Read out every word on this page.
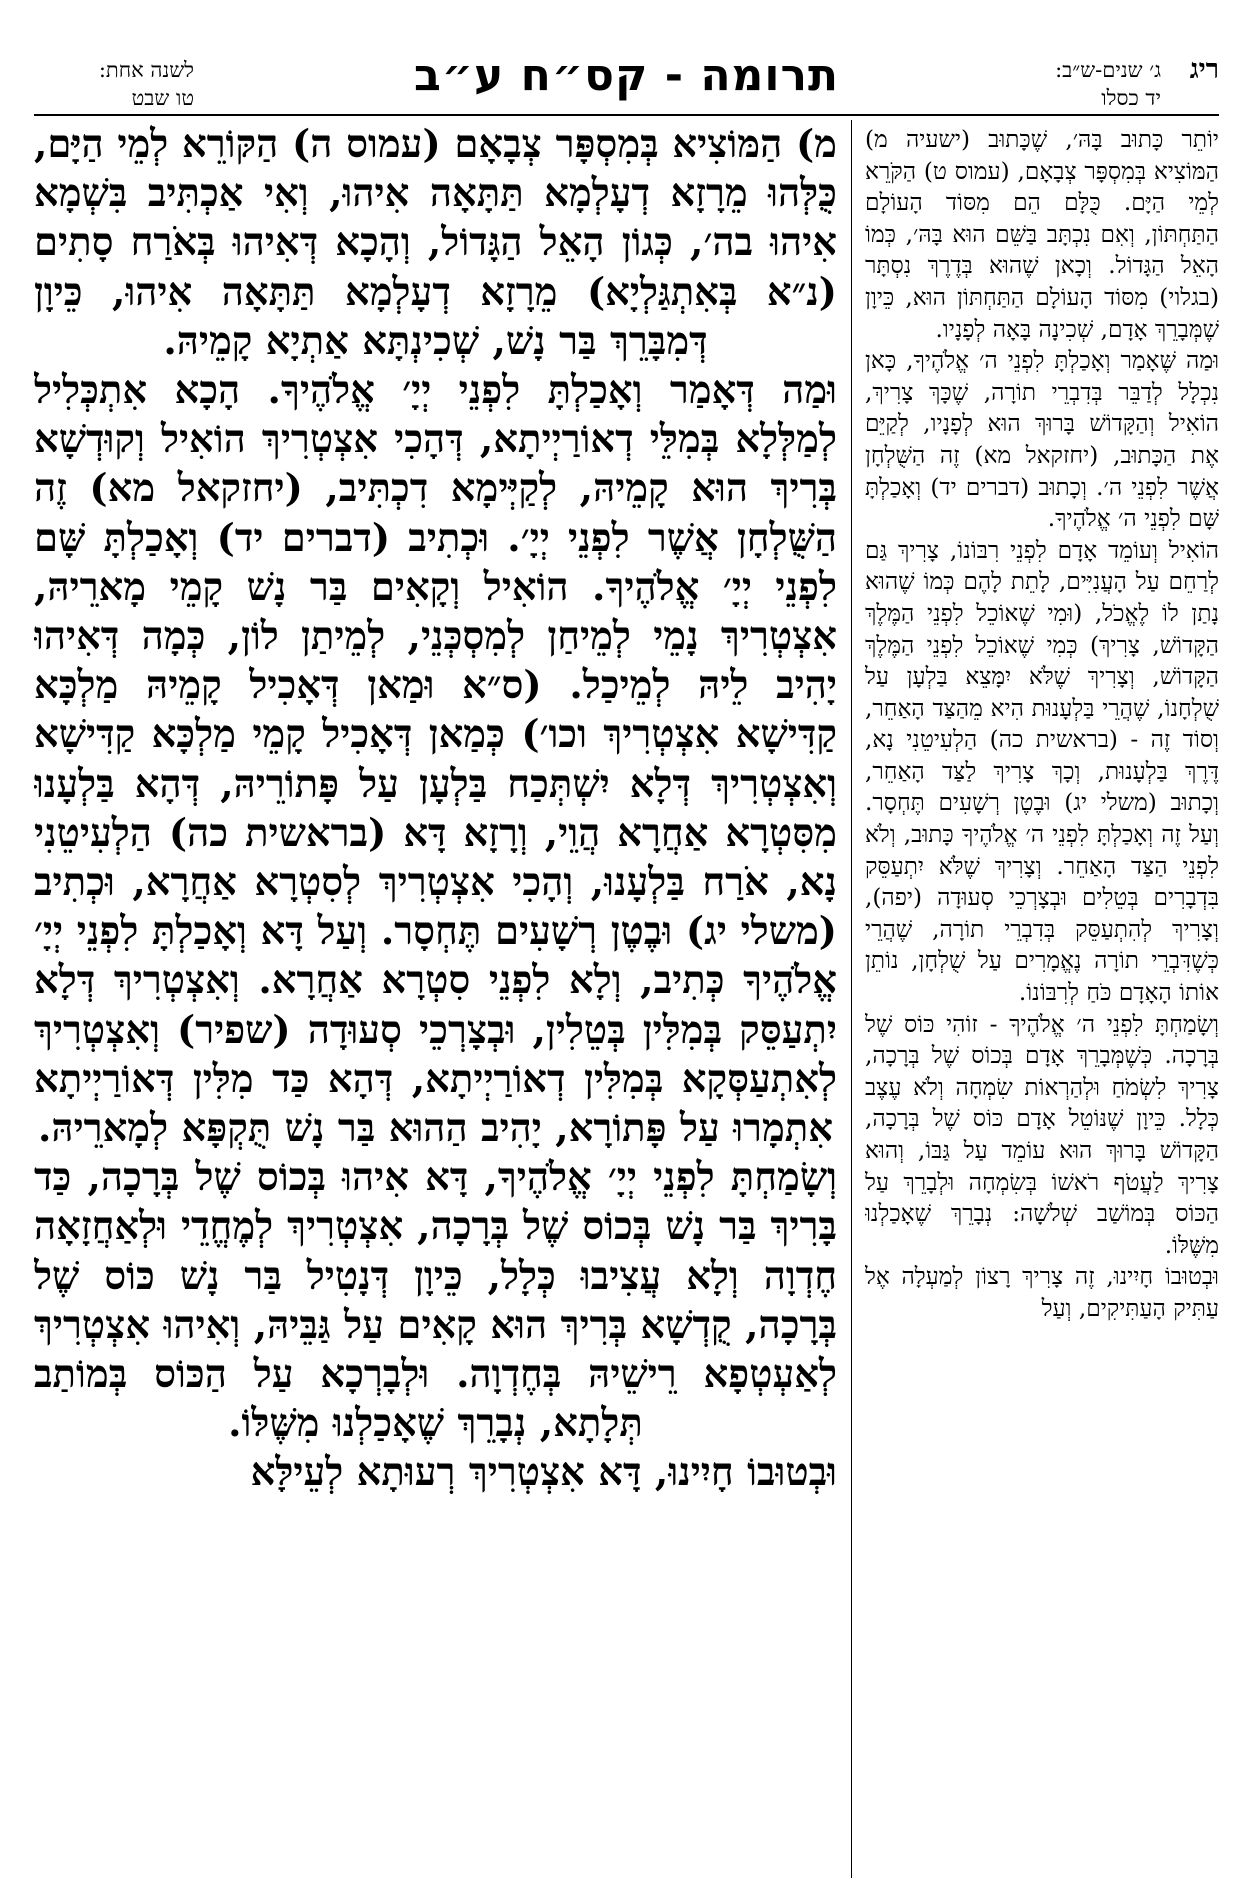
לשנה אחת:
טו שבט	תרומה - קס״ח ע״ב	ג׳ שנים-ש״ב:
יד כסלו
ריג

מ) הַמּוֹצִיא בְּמִסְפָּר צְבָאָם (עמוס ה) הַקּוֹרֵא לְמֵי הַיָּם, כֻּלְּהוּ מֵרָזָא דְעָלְמָא תַּתָּאָה אִיהוּ, וְאִי אַכְתִּיב בִּשְׁמָא אִיהוּ בה׳, כְּגוֹן הָאֵל הַגָּדוֹל, וְהָכָא דְּאִיהוּ בְּאֹרַח סָתִים (נ״א בְּאִתְגַּלְיָא) מֵרָזָא דְעָלְמָא תַּתָּאָה אִיהוּ, כֵּיוָן דְּמִבָּרֵךְ בַּר נָשׁ, שְׁכִינְתָּא אַתְיָא קָמֵיהּ.

וּמַה דְּאָמַר וְאָכַלְתָּ לִפְנֵי יְיָ׳ אֱלֹהֶיךָ. הָכָא אִתְכְּלִיל לְמַלְּלָא בְּמִלֵּי דְאוֹרַיְיתָא, דְּהָכִי אִצְטְרִיךְ הוֹאִיל וְקוּדְשָׁא בְּרִיךְ הוּא קָמֵיהּ, לְקַיְּימָא דִכְתִּיב, (יחזקאל מא) זֶה הַשֻּׁלְחָן אֲשֶׁר לִפְנֵי יְיָ׳. וּכְתִיב (דברים יד) וְאָכַלְתָּ שָּׁם לִפְנֵי יְיָ׳ אֱלֹהֶיךָ. הוֹאִיל וְקָאִים בַּר נָשׁ קָמֵי מָארֵיהּ, אִצְטְרִיךְ נָמֵי לְמֵיחַן לְמִסְכְּנֵי, לְמֵיתַן לוֹן, כְּמָה דְּאִיהוּ יָהִיב לֵיהּ לְמֵיכַל. (ס״א וּמַאן דְּאָכִיל קָמֵיהּ מַלְכָּא קַדִּישָׁא אִצְטְרִיךְ וכו׳) כְּמַאן דְּאָכִיל קָמֵי מַלְכָּא קַדִּישָׁא וְאִצְטְרִיךְ דְּלָא יִשְׁתְּכַח בַּלְעָן עַל פָּתוֹרֵיהּ, דְּהָא בַּלְעָנוּ מִסִּטְרָא אַחֲרָא הֲוֵי, וְרָזָא דָּא (בראשית כה) הַלְעִיטֵנִי נָא, אֹרַח בַּלְעָנוּ, וְהָכִי אִצְטְרִיךְ לְסִטְרָא אַחֲרָא, וּכְתִיב (משלי יג) וּבֶטֶן רְשָׁעִים תֶּחְסָר. וְעַל דָּא וְאָכַלְתָּ לִפְנֵי יְיָ׳ אֱלֹהֶיךָ כְּתִיב, וְלָא לִפְנֵי סִטְרָא אַחֲרָא. וְאִצְטְרִיךְ דְּלָא יִתְעַסֵּק בְּמִלִּין בְּטֵלִין, וּבְצָרְכֵי סְעוּדָה (שפיר) וְאִצְטְרִיךְ לְאִתְעַסְּקָא בְּמִלִּין דְאוֹרַיְיתָא, דְּהָא כַּד מִלִּין דְּאוֹרַיְיתָא אִתְמָרוּ עַל פָּתוֹרָא, יָהִיב הַהוּא בַּר נָשׁ תֻּקְפָּא לְמָארֵיהּ.

וְשָׂמַחְתָּ לִפְנֵי יְיָ׳ אֱלֹהֶיךָ, דָּא אִיהוּ בְּכוֹס שֶׁל בְּרָכָה, כַּד בָּרִיךְ בַּר נָשׁ בְּכוֹס שֶׁל בְּרָכָה, אִצְטְרִיךְ לְמֶחֱדֵי וּלְאַחֲזָאָה חֶדְוָה וְלָא עֲצִיבוּ כְּלָל, כֵּיוָן דְּנָטִיל בַּר נָשׁ כּוֹס שֶׁל בְּרָכָה, קֻדְשָׁא בְּרִיךְ הוּא קָאִים עַל גַּבֵּיהּ, וְאִיהוּ אִצְטְרִיךְ לְאַעְטְפָא רֵישֵׁיהּ בְּחֶדְוָה. וּלְבָרְכָא עַל הַכּוֹס בְּמוֹתַב תְּלָתָא, נְבָרֵךְ שֶׁאָכַלְנוּ מִשֶּׁלּוֹ.

וּבְטוּבוֹ חָיִינוּ, דָּא אִצְטְרִיךְ רְעוּתָא לְעֵילָּא

יוֹתֵר כָּתוּב בָּהּ׳, שֶׁכָּתוּב (ישעיה מ) הַמּוֹצִיא בְּמִסְפָּר צְבָאָם, (עמוס ט) הַקֹּרֵא לְמֵי הַיָּם. כֻּלָּם הֵם מִסּוֹד הָעוֹלָם הַתַּחְתּוֹן, וְאִם נִכְתָּב בַּשֵּׁם הוּא בָּהּ׳, כְּמוֹ הָאֵל הַגָּדוֹל. וְכָאן שֶׁהוּא בְּדֶרֶךְ נִסְתָּר (בגלוי) מִסּוֹד הָעוֹלָם הַתַּחְתּוֹן הוּא, כֵּיוָן שֶׁמְּבָרֵךְ אָדָם, שְׁכִינָה בָּאָה לְפָנָיו.

וּמַה שֶּׁאָמַר וְאָכַלְתָּ לִפְנֵי ה׳ אֱלֹהֶיךָ, כָּאן נִכְלָל לְדַבֵּר בְּדִבְרֵי תוֹרָה, שֶׁכָּךְ צָרִיךְ, הוֹאִיל וְהַקָּדוֹשׁ בָּרוּךְ הוּא לְפָנָיו, לְקַיֵּם אֶת הַכָּתוּב, (יחזקאל מא) זֶה הַשֻּׁלְחָן אֲשֶׁר לִפְנֵי ה׳. וְכָתוּב (דברים יד) וְאָכַלְתָּ שָּׁם לִפְנֵי ה׳ אֱלֹהֶיךָ.

הוֹאִיל וְעוֹמֵד אָדָם לִפְנֵי רִבּוֹנוֹ, צָרִיךְ גַּם לְרַחֵם עַל הָעֲנִיִּים, לָתֵת לָהֶם כְּמוֹ שֶׁהוּא נָתַן לוֹ לֶאֱכֹל, (וּמִי שֶׁאוֹכֵל לִפְנֵי הַמֶּלֶךְ הַקָּדוֹשׁ, צָרִיךְ) כְּמִי שֶׁאוֹכֵל לִפְנֵי הַמֶּלֶךְ הַקָּדוֹשׁ, וְצָרִיךְ שֶׁלֹּא יִמָּצֵא בַּלְעָן עַל שֻׁלְחָנוֹ, שֶׁהֲרֵי בַּלְעָנוּת הִיא מֵהַצַּד הָאַחֵר, וְסוֹד זֶה - (בראשית כה) הַלְעִיטֵנִי נָא, דֶּרֶךְ בַּלְעָנוּת, וְכָךְ צָרִיךְ לַצַּד הָאַחֵר, וְכָתוּב (משלי יג) וּבֶטֶן רְשָׁעִים תֶּחְסָר. וְעַל זֶה וְאָכַלְתָּ לִפְנֵי ה׳ אֱלֹהֶיךָ כָּתוּב, וְלֹא לִפְנֵי הַצַּד הָאַחֵר. וְצָרִיךְ שֶׁלֹּא יִתְעַסֵּק בִּדְבָרִים בְּטֵלִים וּבְצָרְכֵי סְעוּדָה (יפה), וְצָרִיךְ לְהִתְעַסֵּק בְּדִבְרֵי תוֹרָה, שֶׁהֲרֵי כְּשֶׁדִּבְרֵי תוֹרָה נֶאֱמָרִים עַל שֻׁלְחָן, נוֹתֵן אוֹתוֹ הָאָדָם כֹּחַ לְרִבּוֹנוֹ.

וְשָׂמַחְתָּ לִפְנֵי ה׳ אֱלֹהֶיךָ - זוֹהִי כּוֹס שֶׁל בְּרָכָה. כְּשֶׁמְּבָרֵךְ אָדָם בְּכוֹס שֶׁל בְּרָכָה, צָרִיךְ לִשְׂמֹחַ וּלְהַרְאוֹת שִׂמְחָה וְלֹא עֶצֶב כְּלָל. כֵּיוָן שֶׁנּוֹטֵל אָדָם כּוֹס שֶׁל בְּרָכָה, הַקָּדוֹשׁ בָּרוּךְ הוּא עוֹמֵד עַל גַּבּוֹ, וְהוּא צָרִיךְ לַעֲטֹף רֹאשׁוֹ בְּשִׂמְחָה וּלְבָרֵךְ עַל הַכּוֹס בְּמוֹשַׁב שְׁלֹשָׁה: נְבָרֵךְ שֶׁאָכַלְנוּ מִשֶּׁלּוֹ.

וּבְטוּבוֹ חָיִינוּ, זֶה צָרִיךְ רָצוֹן לְמַעְלָה אֶל עַתִּיק הָעַתִּיקִים, וְעַל
